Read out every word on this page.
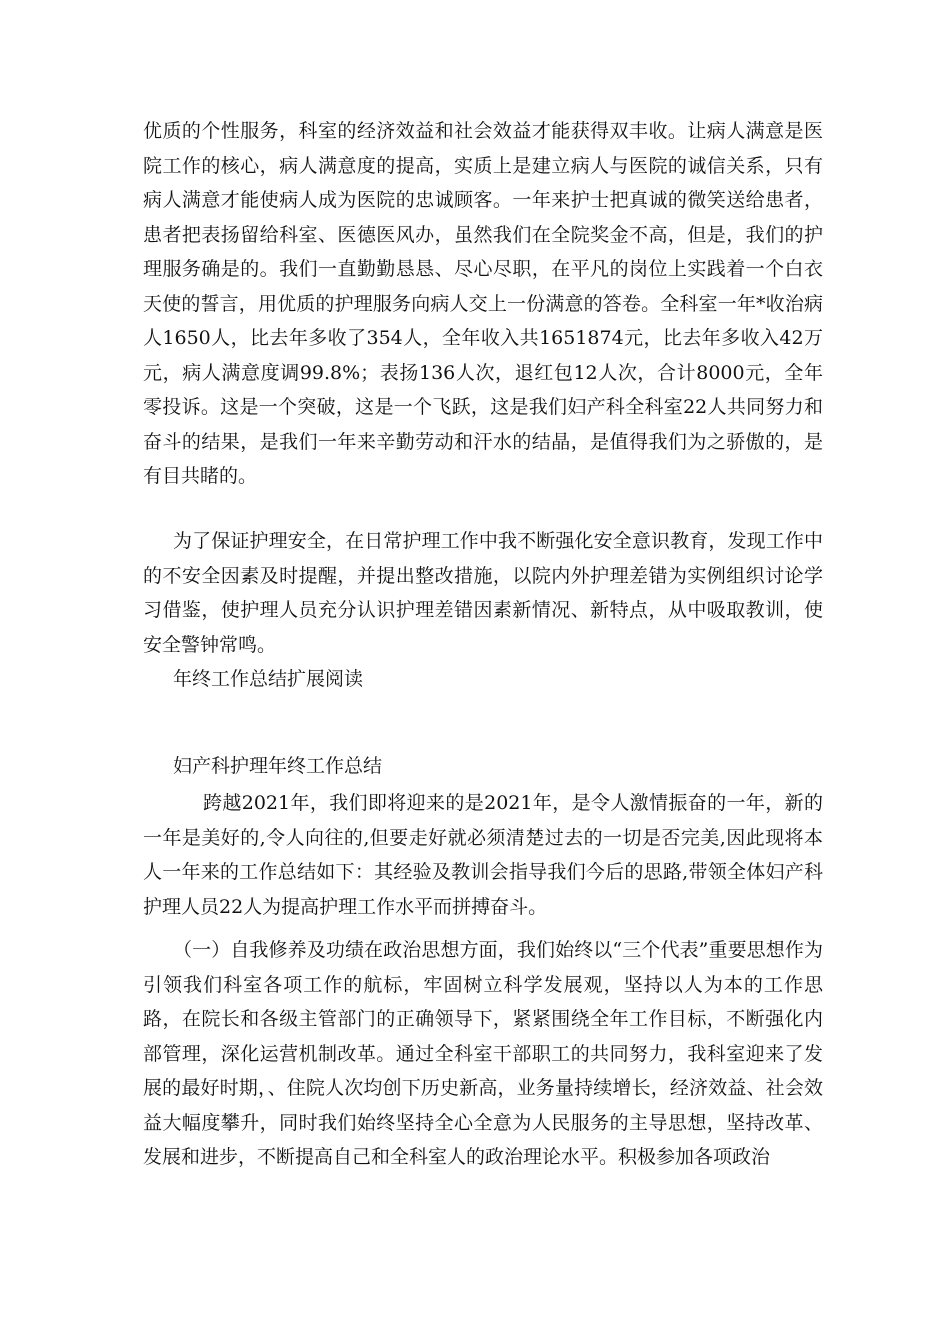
优质的个性服务，科室的经济效益和社会效益才能获得双丰收。让病人满意是医院工作的核心，病人满意度的提高，实质上是建立病人与医院的诚信关系，只有病人满意才能使病人成为医院的忠诚顾客。一年来护士把真诚的微笑送给患者，患者把表扬留给科室、医德医风办，虽然我们在全院奖金不高，但是，我们的护理服务确是的。我们一直勤勤恳恳、尽心尽职，在平凡的岗位上实践着一个白衣天使的誓言，用优质的护理服务向病人交上一份满意的答卷。全科室一年*收治病人1650人，比去年多收了354人，全年收入共1651874元，比去年多收入42万元，病人满意度调99.8%；表扬136人次，退红包12人次，合计8000元，全年零投诉。这是一个突破，这是一个飞跃，这是我们妇产科全科室22人共同努力和奋斗的结果，是我们一年来辛勤劳动和汗水的结晶，是值得我们为之骄傲的，是有目共睹的。

为了保证护理安全，在日常护理工作中我不断强化安全意识教育，发现工作中的不安全因素及时提醒，并提出整改措施，以院内外护理差错为实例组织讨论学习借鉴，使护理人员充分认识护理差错因素新情况、新特点，从中吸取教训，使安全警钟常鸣。

年终工作总结扩展阅读

妇产科护理年终工作总结

跨越2021年，我们即将迎来的是2021年，是令人激情振奋的一年，新的一年是美好的,令人向往的,但要走好就必须清楚过去的一切是否完美,因此现将本人一年来的工作总结如下：其经验及教训会指导我们今后的思路,带领全体妇产科护理人员22人为提高护理工作水平而拼搏奋斗。

（一）自我修养及功绩在政治思想方面，我们始终以“三个代表”重要思想作为引领我们科室各项工作的航标，牢固树立科学发展观，坚持以人为本的工作思路，在院长和各级主管部门的正确领导下，紧紧围绕全年工作目标，不断强化内部管理，深化运营机制改革。通过全科室干部职工的共同努力，我科室迎来了发展的最好时期，、住院人次均创下历史新高，业务量持续增长，经济效益、社会效益大幅度攀升，同时我们始终坚持全心全意为人民服务的主导思想，坚持改革、发展和进步，不断提高自己和全科室人的政治理论水平。积极参加各项政治
